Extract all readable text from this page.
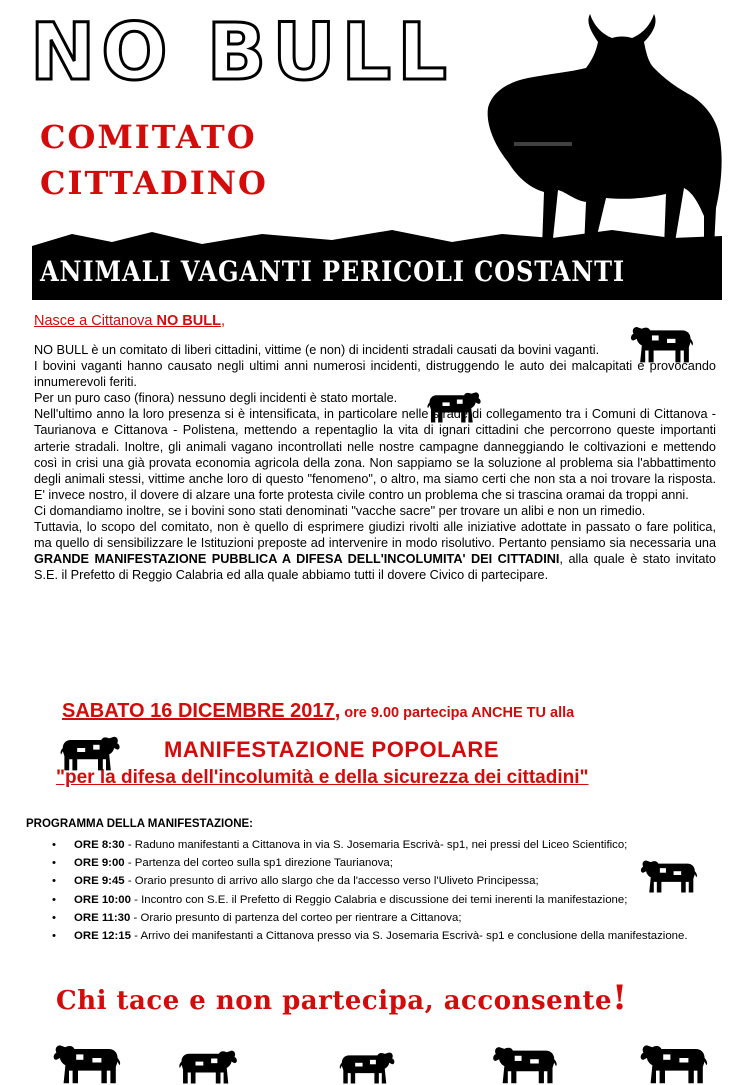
NO BULL
COMITATO
CITTADINO
ANIMALI VAGANTI PERICOLI COSTANTI
Nasce a Cittanova NO BULL,

NO BULL è un comitato di liberi cittadini, vittime (e non) di incidenti stradali causati da bovini vaganti.

I bovini vaganti hanno causato negli ultimi anni numerosi incidenti, distruggendo le auto dei malcapitati e provocando innumerevoli feriti.

Per un puro caso (finora) nessuno degli incidenti è stato mortale.

Nell'ultimo anno la loro presenza si è intensificata, in particolare nelle strade di collegamento tra i Comuni di Cittanova - Taurianova e Cittanova - Polistena, mettendo a repentaglio la vita di ignari cittadini che percorrono queste importanti arterie stradali. Inoltre, gli animali vagano incontrollati nelle nostre campagne danneggiando le coltivazioni e mettendo così in crisi una già provata economia agricola della zona. Non sappiamo se la soluzione al problema sia l'abbattimento degli animali stessi, vittime anche loro di questo "fenomeno", o altro, ma siamo certi che non sta a noi trovare la risposta. E' invece nostro, il dovere di alzare una forte protesta civile contro un problema che si trascina oramai da troppi anni.

Ci domandiamo inoltre, se i bovini sono stati denominati "vacche sacre" per trovare un alibi e non un rimedio.

Tuttavia, lo scopo del comitato, non è quello di esprimere giudizi rivolti alle iniziative adottate in passato o fare politica, ma quello di sensibilizzare le Istituzioni preposte ad intervenire in modo risolutivo. Pertanto pensiamo sia necessaria una GRANDE MANIFESTAZIONE PUBBLICA A DIFESA DELL'INCOLUMITA' DEI CITTADINI, alla quale è stato invitato S.E. il Prefetto di Reggio Calabria ed alla quale abbiamo tutti il dovere Civico di partecipare.

SABATO 16 DICEMBRE 2017, ore 9.00 partecipa ANCHE TU alla
MANIFESTAZIONE POPOLARE
"per la difesa dell'incolumità e della sicurezza dei cittadini"
PROGRAMMA DELLA MANIFESTAZIONE:
• ORE 8:30 - Raduno manifestanti a Cittanova in via S. Josemaria Escrivà- sp1, nei pressi del Liceo Scientifico;
• ORE 9:00 - Partenza del corteo sulla sp1 direzione Taurianova;
• ORE 9:45 - Orario presunto di arrivo allo slargo che da l'accesso verso l'Uliveto Principessa;
• ORE 10:00 - Incontro con S.E. il Prefetto di Reggio Calabria e discussione dei temi inerenti la manifestazione;
• ORE 11:30 - Orario presunto di partenza del corteo per rientrare a Cittanova;
• ORE 12:15 - Arrivo dei manifestanti a Cittanova presso via S. Josemaria Escrivà- sp1 e conclusione della manifestazione.
Chi tace e non partecipa, acconsente!
